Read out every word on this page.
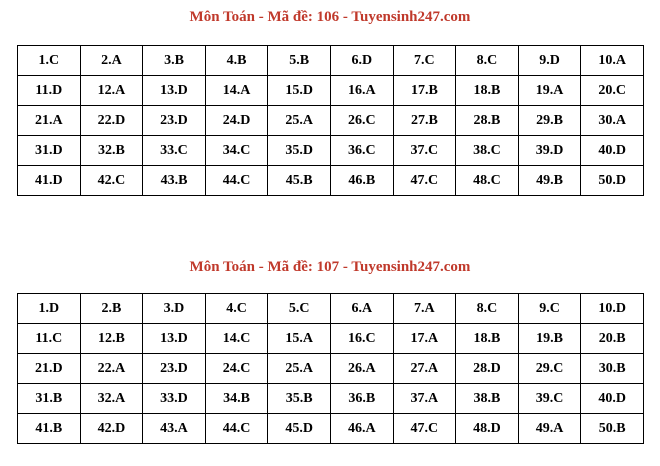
Môn Toán - Mã đề: 106 - Tuyensinh247.com
1.C	2.A	3.B	4.B	5.B	6.D	7.C	8.C	9.D	10.A
11.D	12.A	13.D	14.A	15.D	16.A	17.B	18.B	19.A	20.C
21.A	22.D	23.D	24.D	25.A	26.C	27.B	28.B	29.B	30.A
31.D	32.B	33.C	34.C	35.D	36.C	37.C	38.C	39.D	40.D
41.D	42.C	43.B	44.C	45.B	46.B	47.C	48.C	49.B	50.D
Môn Toán - Mã đề: 107 - Tuyensinh247.com
1.D	2.B	3.D	4.C	5.C	6.A	7.A	8.C	9.C	10.D
11.C	12.B	13.D	14.C	15.A	16.C	17.A	18.B	19.B	20.B
21.D	22.A	23.D	24.C	25.A	26.A	27.A	28.D	29.C	30.B
31.B	32.A	33.D	34.B	35.B	36.B	37.A	38.B	39.C	40.D
41.B	42.D	43.A	44.C	45.D	46.A	47.C	48.D	49.A	50.B
